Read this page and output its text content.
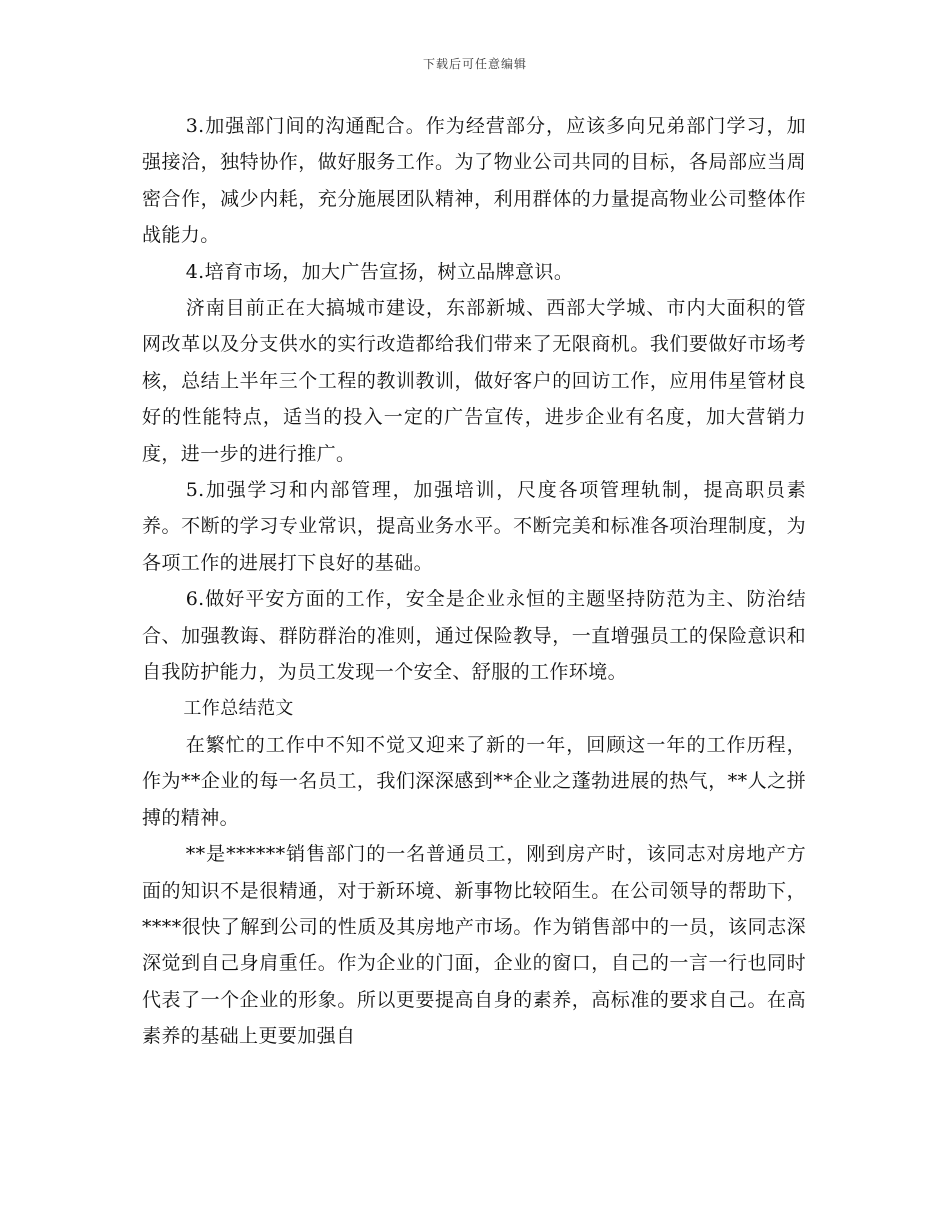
下载后可任意编辑

3.加强部门间的沟通配合。作为经营部分，应该多向兄弟部门学习，加强接洽，独特协作，做好服务工作。为了物业公司共同的目标，各局部应当周密合作，减少内耗，充分施展团队精神，利用群体的力量提高物业公司整体作战能力。

4.培育市场，加大广告宣扬，树立品牌意识。

济南目前正在大搞城市建设，东部新城、西部大学城、市内大面积的管网改革以及分支供水的实行改造都给我们带来了无限商机。我们要做好市场考核，总结上半年三个工程的教训教训，做好客户的回访工作，应用伟星管材良好的性能特点，适当的投入一定的广告宣传，进步企业有名度，加大营销力度，进一步的进行推广。

5.加强学习和内部管理，加强培训，尺度各项管理轨制，提高职员素养。不断的学习专业常识，提高业务水平。不断完美和标准各项治理制度，为各项工作的进展打下良好的基础。

6.做好平安方面的工作，安全是企业永恒的主题坚持防范为主、防治结合、加强教诲、群防群治的准则，通过保险教导，一直增强员工的保险意识和自我防护能力，为员工发现一个安全、舒服的工作环境。

工作总结范文

在繁忙的工作中不知不觉又迎来了新的一年，回顾这一年的工作历程，作为**企业的每一名员工，我们深深感到**企业之蓬勃进展的热气，**人之拼搏的精神。

**是******销售部门的一名普通员工，刚到房产时，该同志对房地产方面的知识不是很精通，对于新环境、新事物比较陌生。在公司领导的帮助下，****很快了解到公司的性质及其房地产市场。作为销售部中的一员，该同志深深觉到自己身肩重任。作为企业的门面，企业的窗口，自己的一言一行也同时代表了一个企业的形象。所以更要提高自身的素养，高标准的要求自己。在高素养的基础上更要加强自
